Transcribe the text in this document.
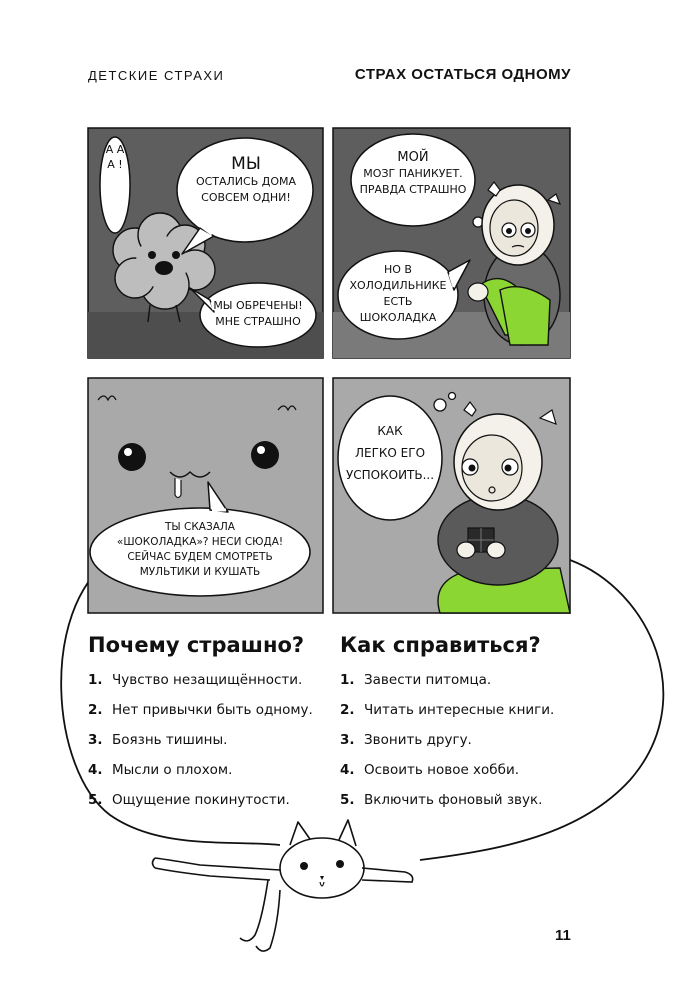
ДЕТСКИЕ СТРАХИ	СТРАХ ОСТАТЬСЯ ОДНОМУ
А А А !	МЫ
ОСТАЛИСЬ ДОМА
СОВСЕМ ОДНИ!
МЫ ОБРЕЧЕНЫ!
МНЕ СТРАШНО
МОЙ
МОЗГ ПАНИКУЕТ.
ПРАВДА СТРАШНО
НО В
ХОЛОДИЛЬНИКЕ
ЕСТЬ
ШОКОЛАДКА
ТЫ СКАЗАЛА
«ШОКОЛАДКА»? НЕСИ СЮДА!
СЕЙЧАС БУДЕМ СМОТРЕТЬ
МУЛЬТИКИ И КУШАТЬ
КАК
ЛЕГКО ЕГО
УСПОКОИТЬ...
Почему страшно?
1. Чувство незащищённости.
2. Нет привычки быть одному.
3. Боязнь тишины.
4. Мысли о плохом.
5. Ощущение покинутости.
Как справиться?
1. Завести питомца.
2. Читать интересные книги.
3. Звонить другу.
4. Освоить новое хобби.
5. Включить фоновый звук.
11
